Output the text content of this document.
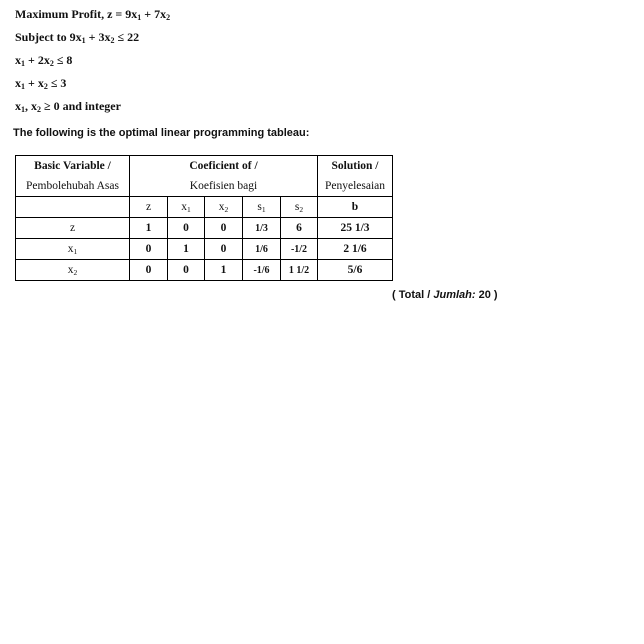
Maximum Profit, $z = 9x_1 + 7x_2$
Subject to $9x_1 + 3x_2 \le 22$
$x_1 + 2x_2 \le 8$
$x_1 + x_2 \le 3$
$x_1$, $x_2 \ge 0$ and integer
The following is the optimal linear programming tableau:
Basic Variable /	Coeficient of /					Solution /
Pembolehubah Asas	Koefisien bagi					Penyelesaian
	z	$x_1$	$x_2$	$s_1$	$s_2$	b
z	1	0	0	1/3	6	25 1/3
$x_1$	0	1	0	1/6	-1/2	2 1/6
$x_2$	0	0	1	-1/6	1 1/2	5/6
( Total / Jumlah: 20 )
